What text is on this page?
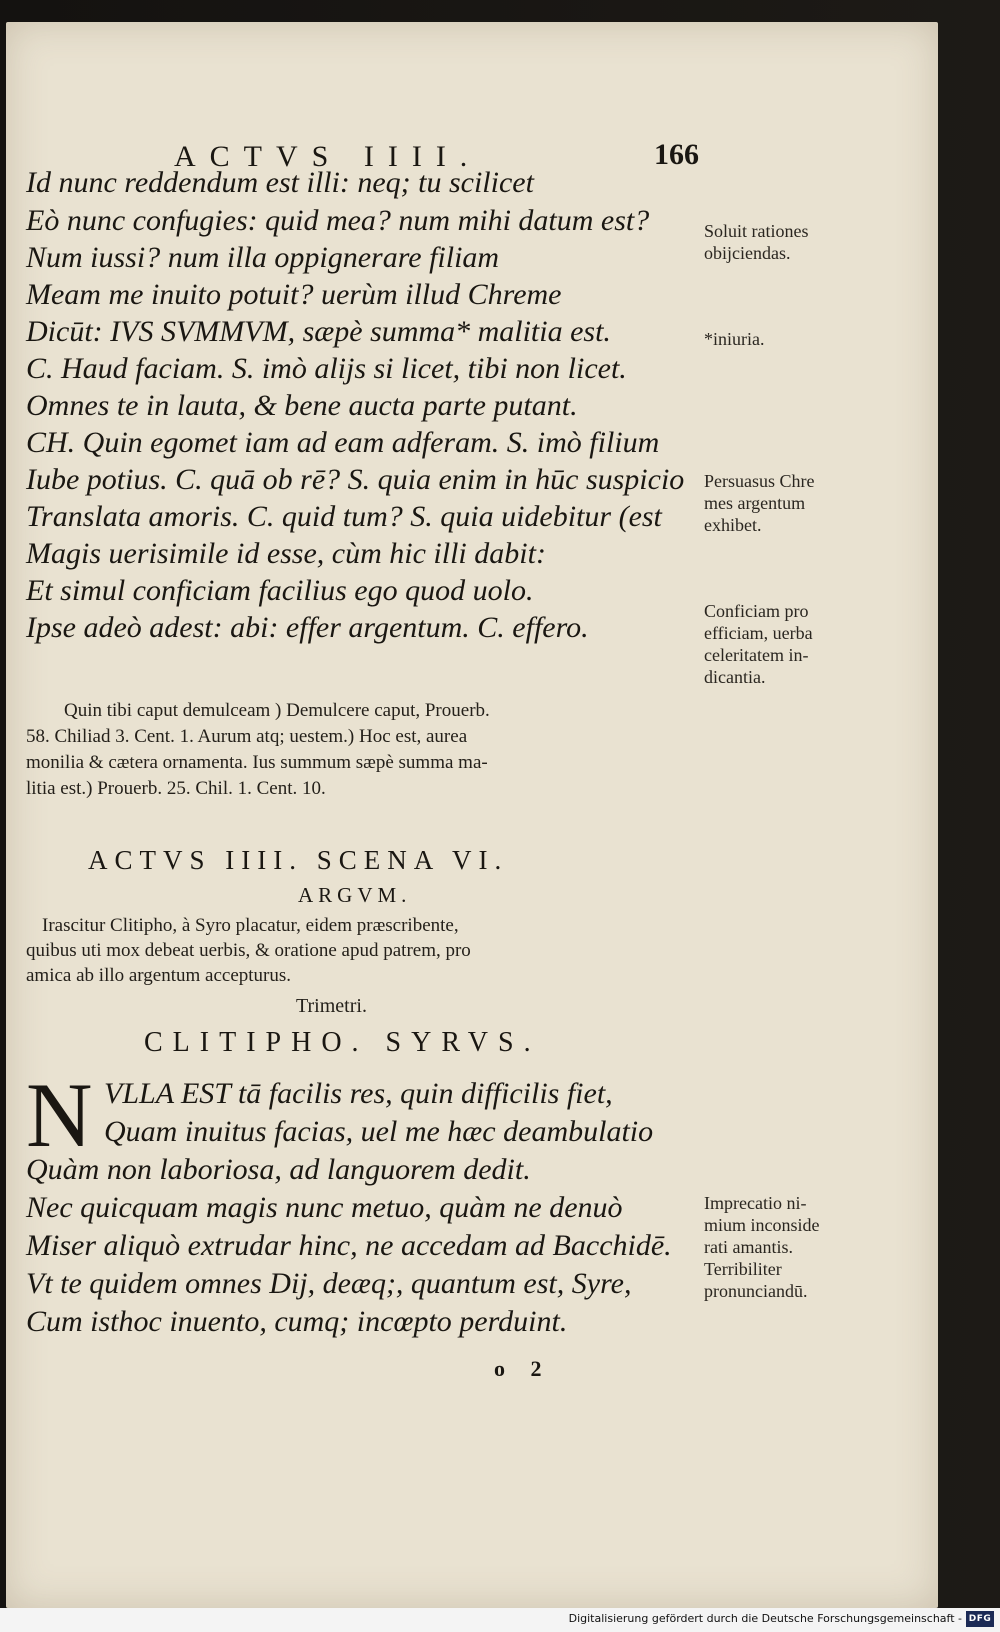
ACTVS IIII.	166
Id nunc reddendum est illi: neq; tu scilicet
Eò nunc confugies: quid mea? num mihi datum est?
Num iussi? num illa oppignerare filiam
Meam me inuito potuit? uerùm illud Chreme
Dicūt: IVS SVMMVM, sæpè summa* malitia est.
C. Haud faciam. S. imò alijs si licet, tibi non licet.
Omnes te in lauta, & bene aucta parte putant.
CH. Quin egomet iam ad eam adferam. S. imò filium
Iube potius. C. quā ob rē? S. quia enim in hūc suspicio
Translata amoris. C. quid tum? S. quia uidebitur (est
Magis uerisimile id esse, cùm hic illi dabit:
Et simul conficiam facilius ego quod uolo.
Ipse adeò adest: abi: effer argentum. C. effero.
Soluit rationes
obijciendas.
*iniuria.
Persuasus Chre
mes argentum
exhibet.
Conficiam pro
efficiam, uerba
celeritatem in-
dicantia.
Quin tibi caput demulceam ) Demulcere caput, Prouerb.
58. Chiliad 3. Cent. 1. Aurum atq; uestem.) Hoc est, aurea
monilia & cætera ornamenta. Ius summum sæpè summa ma-
litia est.) Prouerb. 25. Chil. 1. Cent. 10.
ACTVS IIII. SCENA VI.
ARGVM.
Irascitur Clitipho, à Syro placatur, eidem præscribente,
quibus uti mox debeat uerbis, & oratione apud patrem, pro
amica ab illo argentum accepturus.
Trimetri.
CLITIPHO. SYRVS.
N VLLA EST tā facilis res, quin difficilis fiet,
Quam inuitus facias, uel me hæc deambulatio
Quàm non laboriosa, ad languorem dedit.
Nec quicquam magis nunc metuo, quàm ne denuò
Miser aliquò extrudar hinc, ne accedam ad Bacchidē.
Vt te quidem omnes Dij, deæq;, quantum est, Syre,
Cum isthoc inuento, cumq; incœpto perduint.
Imprecatio ni-
mium inconside
rati amantis.
Terribiliter
pronunciandū.
o 2
Digitalisierung gefördert durch die Deutsche Forschungsgemeinschaft - DFG
